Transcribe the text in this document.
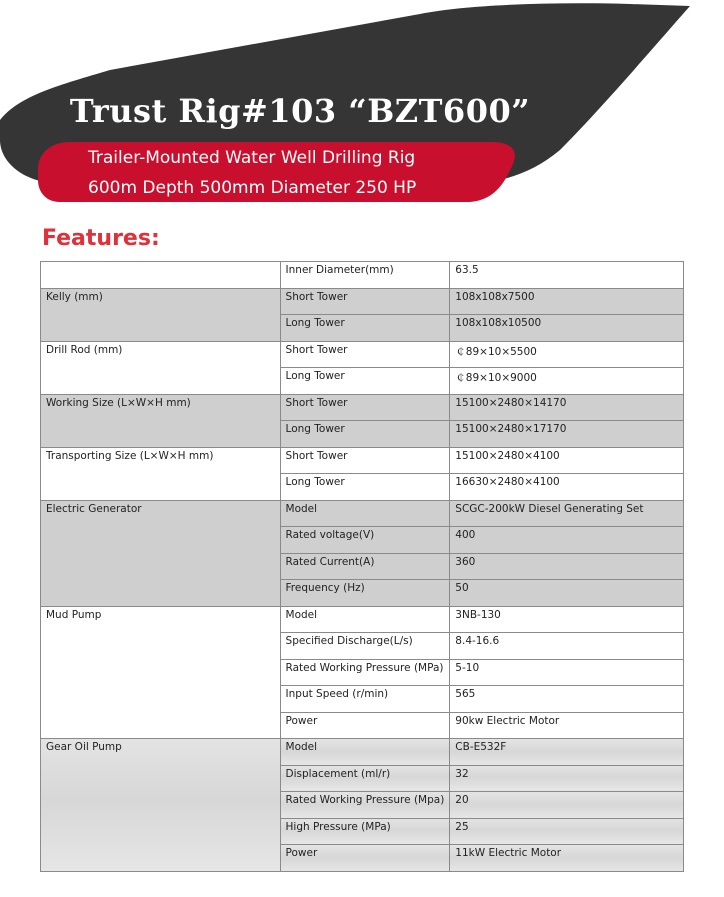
Trust Rig#103 “BZT600”
Trailer-Mounted Water Well Drilling Rig
600m Depth 500mm Diameter 250 HP
Features:
	Inner Diameter(mm)	63.5
Kelly (mm)	Short Tower	108x108x7500
	Long Tower	108x108x10500
Drill Rod (mm)	Short Tower	￠89×10×5500
	Long Tower	￠89×10×9000
Working Size (L×W×H mm)	Short Tower	15100×2480×14170
	Long Tower	15100×2480×17170
Transporting Size (L×W×H mm)	Short Tower	15100×2480×4100
	Long Tower	16630×2480×4100
Electric Generator	Model	SCGC-200kW Diesel Generating Set
	Rated voltage(V)	400
	Rated Current(A)	360
	Frequency (Hz)	50
Mud Pump	Model	3NB-130
	Specified Discharge(L/s)	8.4-16.6
	Rated Working Pressure (MPa)	5-10
	Input Speed (r/min)	565
	Power	90kw Electric Motor
Gear Oil Pump	Model	CB-E532F
	Displacement (ml/r)	32
	Rated Working Pressure (Mpa)	20
	High Pressure (MPa)	25
	Power	11kW Electric Motor
